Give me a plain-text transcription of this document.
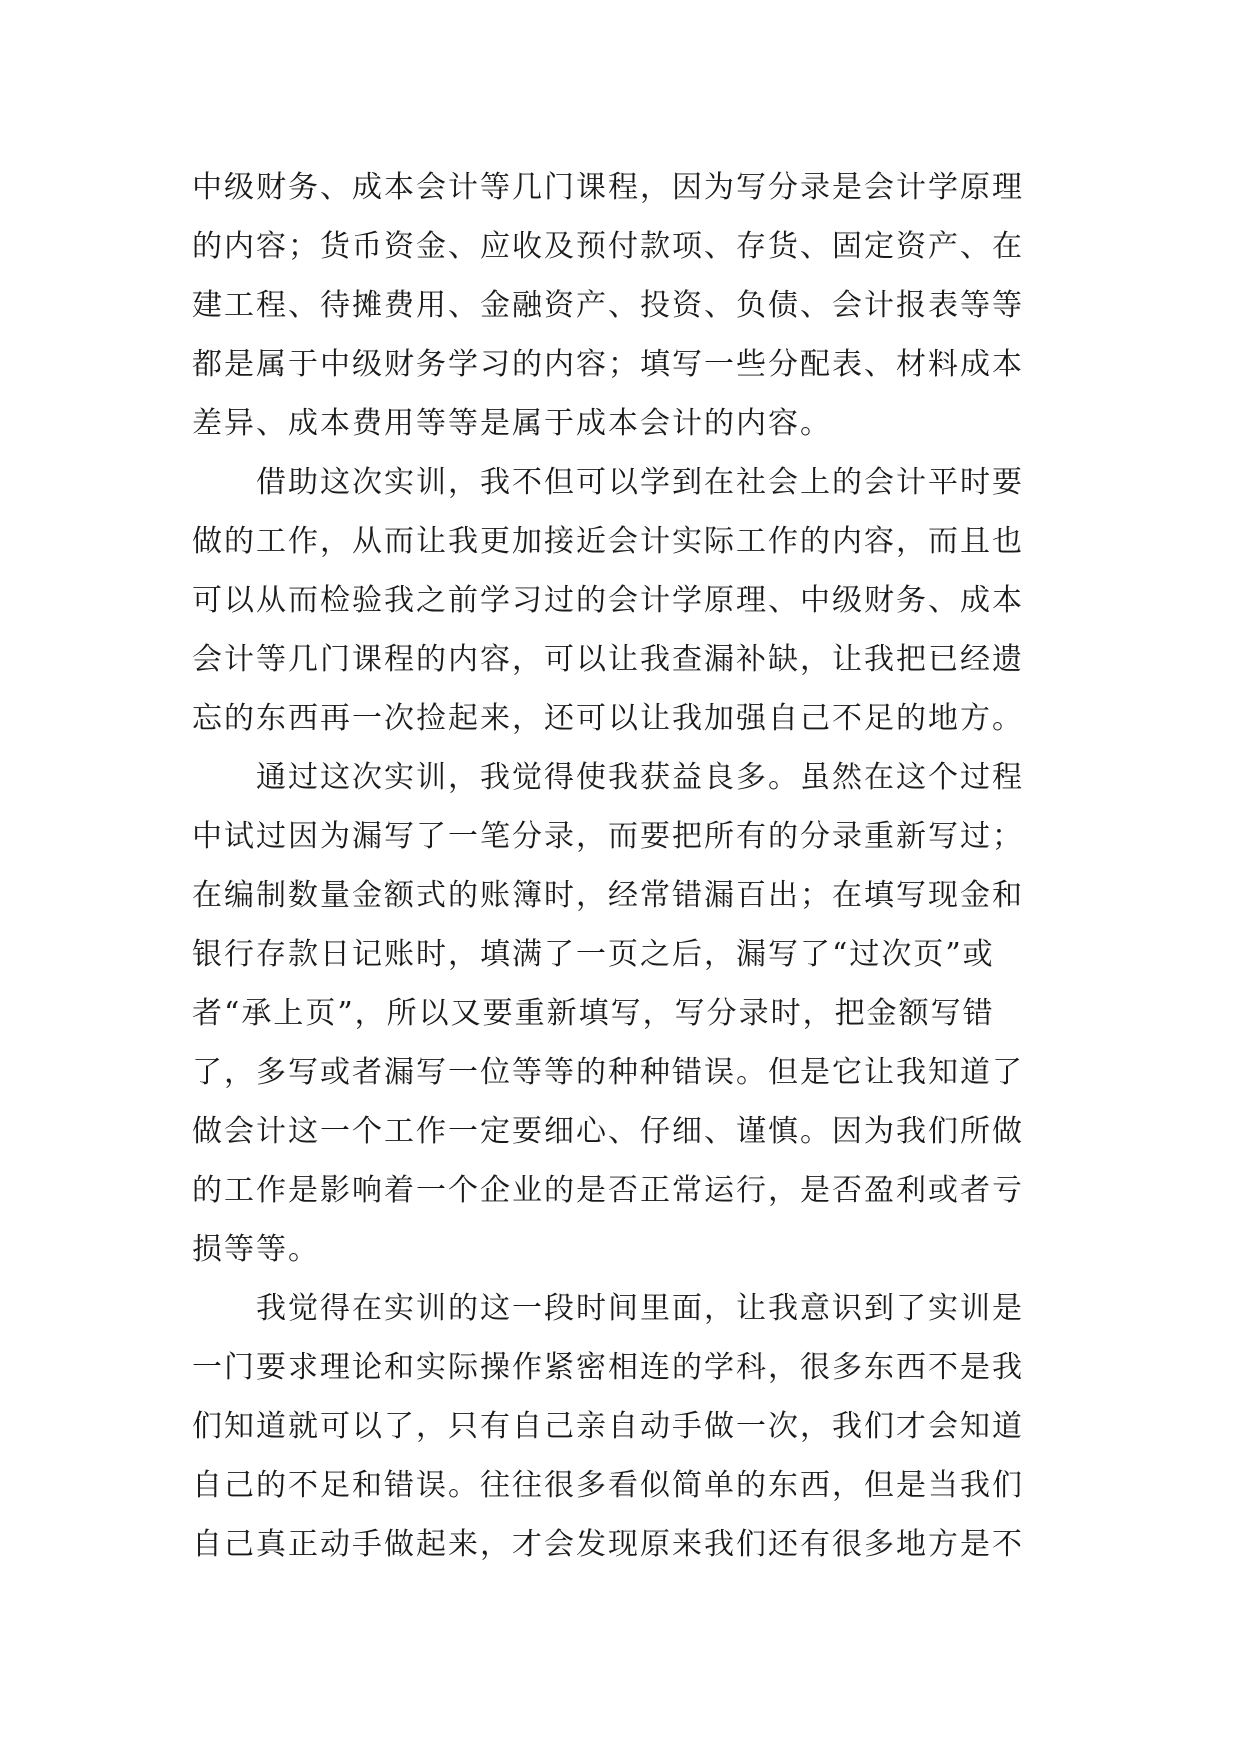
中级财务、成本会计等几门课程，因为写分录是会计学原理
的内容；货币资金、应收及预付款项、存货、固定资产、在
建工程、待摊费用、金融资产、投资、负债、会计报表等等
都是属于中级财务学习的内容；填写一些分配表、材料成本
差异、成本费用等等是属于成本会计的内容。
借助这次实训，我不但可以学到在社会上的会计平时要
做的工作，从而让我更加接近会计实际工作的内容，而且也
可以从而检验我之前学习过的会计学原理、中级财务、成本
会计等几门课程的内容，可以让我查漏补缺，让我把已经遗
忘的东西再一次捡起来，还可以让我加强自己不足的地方。
通过这次实训，我觉得使我获益良多。虽然在这个过程
中试过因为漏写了一笔分录，而要把所有的分录重新写过；
在编制数量金额式的账簿时，经常错漏百出；在填写现金和
银行存款日记账时，填满了一页之后，漏写了“过次页”或
者“承上页”，所以又要重新填写，写分录时，把金额写错
了，多写或者漏写一位等等的种种错误。但是它让我知道了
做会计这一个工作一定要细心、仔细、谨慎。因为我们所做
的工作是影响着一个企业的是否正常运行，是否盈利或者亏
损等等。
我觉得在实训的这一段时间里面，让我意识到了实训是
一门要求理论和实际操作紧密相连的学科，很多东西不是我
们知道就可以了，只有自己亲自动手做一次，我们才会知道
自己的不足和错误。往往很多看似简单的东西，但是当我们
自己真正动手做起来，才会发现原来我们还有很多地方是不
